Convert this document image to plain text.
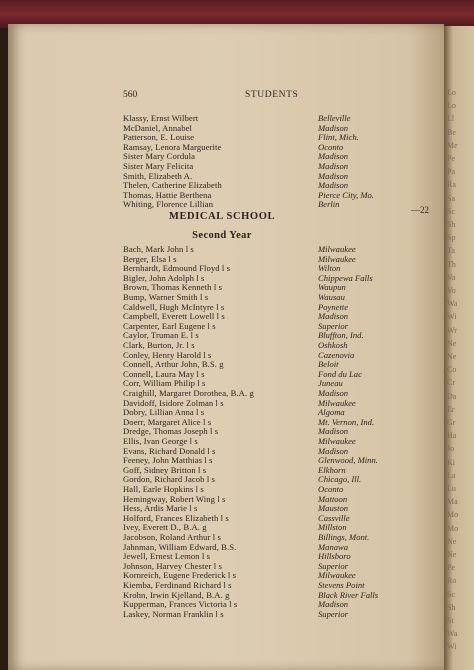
Lo
Lo
Ll
Be
Me
Pe
Pa
Ra
Sa
Sc
Sh
Sp
Ta
Th
Va
Vo
Wa
Wi
Wr
Ne
Ne
Co
Cr
Da
Er
Gr
Ha
Jo
Ki
La
Lu
Ma
Mo
Mo
Ne
Ne
Pe
Ro
Sc
Sh
St
Wa
Wi
560	STUDENTS
—22
MEDICAL SCHOOL
Second Year
Klassy, Ernst Wilbert	Belleville
McDaniel, Annabel	Madison
Patterson, E. Louise	Flint, Mich.
Ramsay, Lenora Marguerite	Oconto
Sister Mary Cordula	Madison
Sister Mary Felicita	Madison
Smith, Elizabeth A.	Madison
Thelen, Catherine Elizabeth	Madison
Thomas, Hattie Berthena	Pierce City, Mo.
Whiting, Florence Lillian	Berlin
Bach, Mark John l s	Milwaukee
Berger, Elsa l s	Milwaukee
Bernhardt, Edmound Floyd l s	Wilton
Bigler, John Adolph l s	Chippewa Falls
Brown, Thomas Kenneth l s	Waupun
Bump, Warner Smith l s	Wausau
Caldwell, Hugh McIntyre l s	Poynette
Campbell, Everett Lowell l s	Madison
Carpenter, Earl Eugene l s	Superior
Caylor, Truman E. l s	Bluffton, Ind.
Clark, Burton, Jr. l s	Oshkosh
Conley, Henry Harold l s	Cazenovia
Connell, Arthur John, B.S. g	Beloit
Connell, Laura May l s	Fond du Lac
Corr, William Philip l s	Juneau
Craighill, Margaret Dorothea, B.A. g	Madison
Davidoff, Isidore Zolman l s	Milwaukee
Dobry, Lillian Anna l s	Algoma
Doerr, Margaret Alice l s	Mt. Vernon, Ind.
Dredge, Thomas Joseph l s	Madison
Ellis, Ivan George l s	Milwaukee
Evans, Richard Donald l s	Madison
Feeney, John Matthias l s	Glenwood, Minn.
Goff, Sidney Britton l s	Elkhorn
Gordon, Richard Jacob l s	Chicago, Ill.
Hall, Earle Hopkins l s	Oconto
Hemingway, Robert Wing l s	Mattoon
Hess, Ardis Marie l s	Mauston
Holford, Frances Elizabeth l s	Cassville
Ivey, Everett D., B.A. g	Millston
Jacobson, Roland Arthur l s	Billings, Mont.
Jahnman, William Edward, B.S.	Manawa
Jewell, Ernest Lemon l s	Hillsboro
Johnson, Harvey Chester l s	Superior
Kornreich, Eugene Frederick l s	Milwaukee
Kiemba, Ferdinand Richard l s	Stevens Point
Krohn, Irwin Kjelland, B.A. g	Black River Falls
Kupperman, Frances Victoria l s	Madison
Laskey, Norman Franklin l s	Superior
